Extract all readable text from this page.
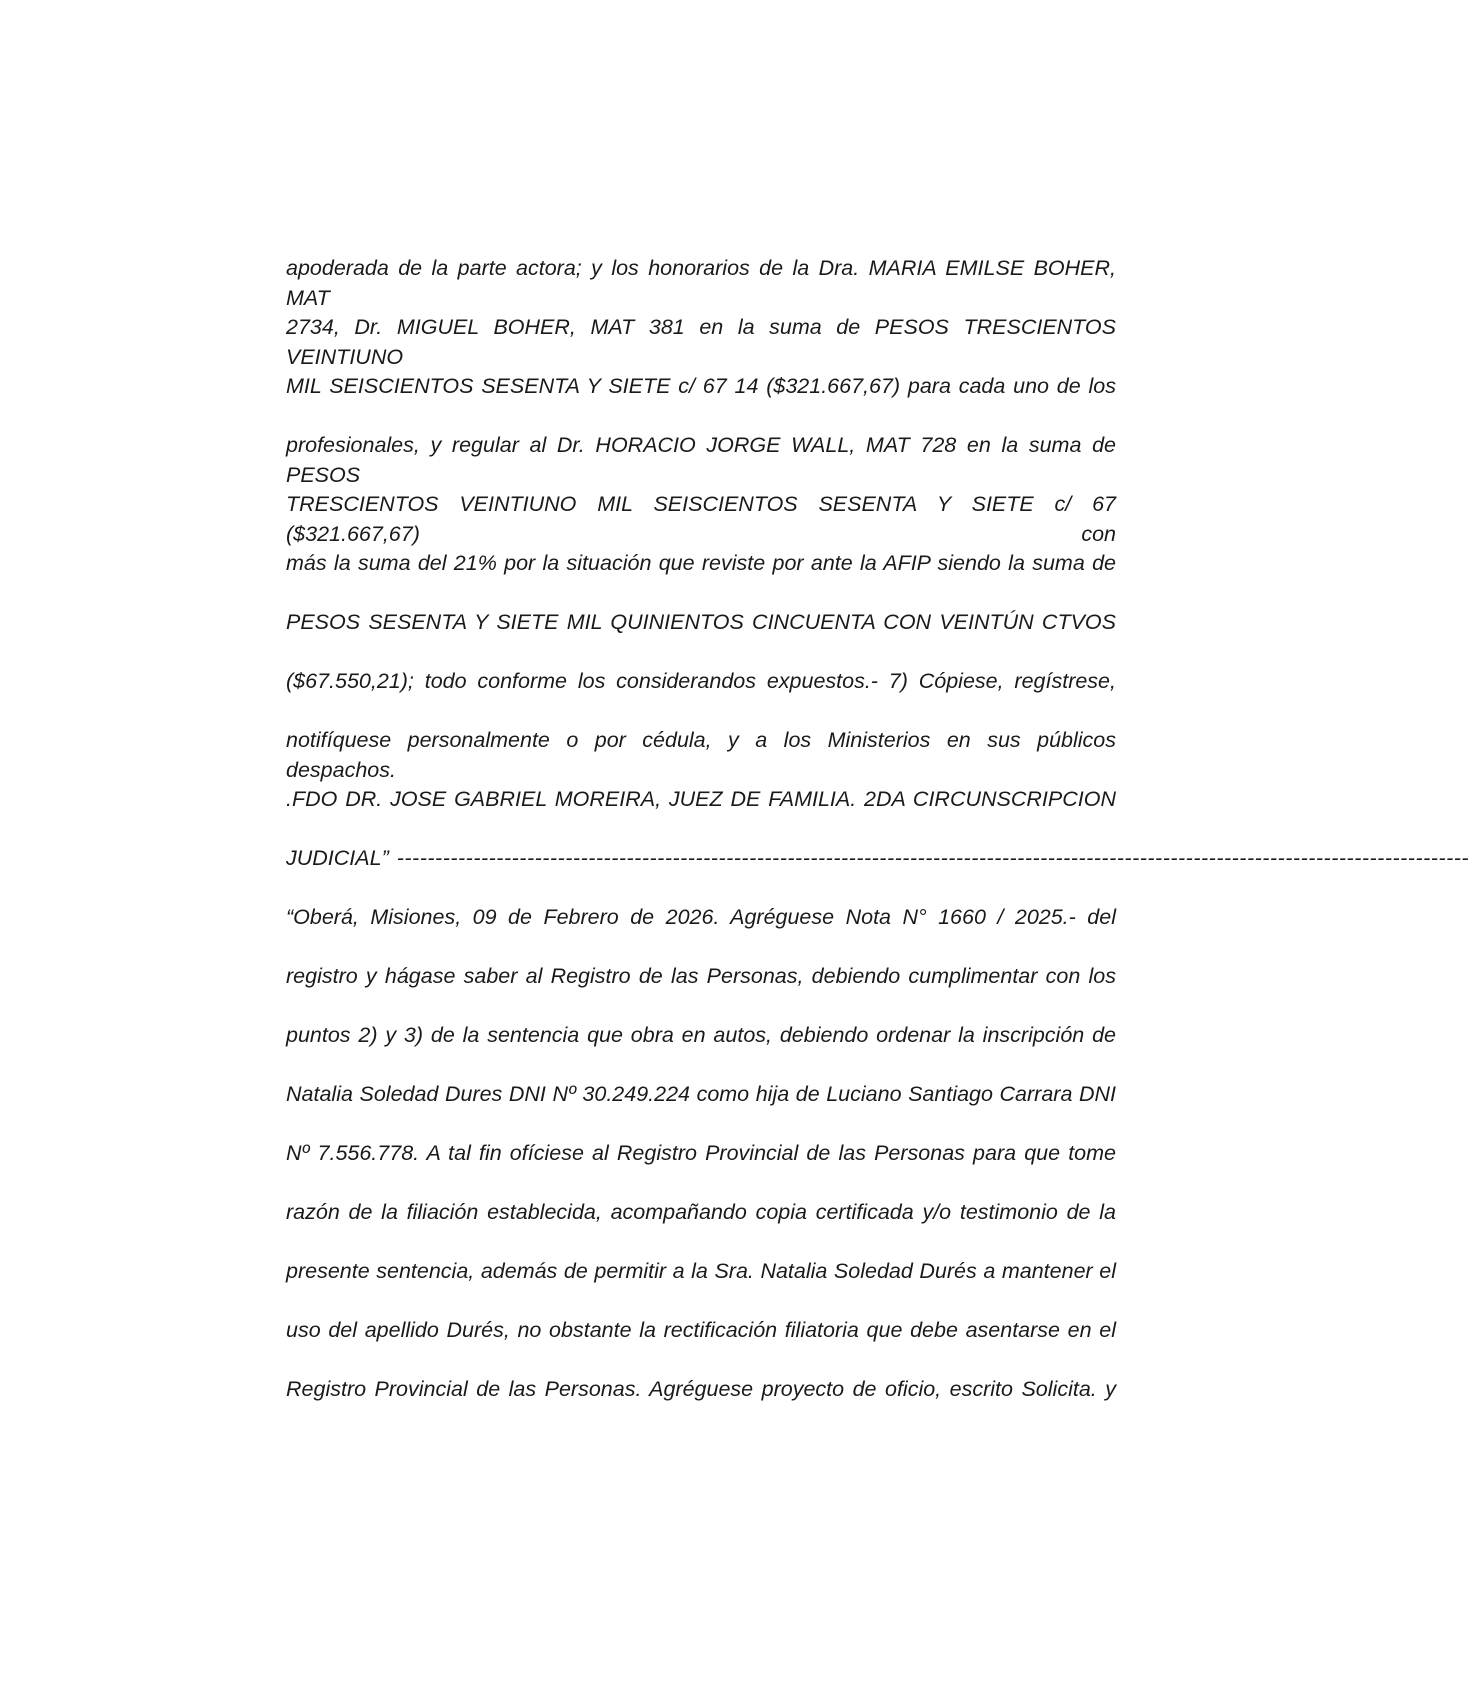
apoderada de la parte actora; y los honorarios de la Dra. MARIA EMILSE BOHER, MAT
2734, Dr. MIGUEL BOHER, MAT 381 en la suma de PESOS TRESCIENTOS VEINTIUNO
MIL SEISCIENTOS SESENTA Y SIETE c/ 67 14 ($321.667,67) para cada uno de los
profesionales, y regular al Dr. HORACIO JORGE WALL, MAT 728 en la suma de PESOS
TRESCIENTOS VEINTIUNO MIL SEISCIENTOS SESENTA Y SIETE c/ 67 ($321.667,67) con
más la suma del 21% por la situación que reviste por ante la AFIP siendo la suma de
PESOS SESENTA Y SIETE MIL QUINIENTOS CINCUENTA CON VEINTÚN CTVOS
($67.550,21); todo conforme los considerandos expuestos.- 7) Cópiese, regístrese,
notifíquese personalmente o por cédula, y a los Ministerios en sus públicos despachos.
.FDO DR. JOSE GABRIEL MOREIRA, JUEZ DE FAMILIA. 2DA CIRCUNSCRIPCION
JUDICIAL” --------------------------------------------------------------------------------------------------------------------------------------------
“Oberá, Misiones, 09 de Febrero de 2026. Agréguese Nota N° 1660 / 2025.- del
registro y hágase saber al Registro de las Personas, debiendo cumplimentar con los
puntos 2) y 3) de la sentencia que obra en autos, debiendo ordenar la inscripción de
Natalia Soledad Dures DNI Nº 30.249.224 como hija de Luciano Santiago Carrara DNI
Nº 7.556.778. A tal fin ofíciese al Registro Provincial de las Personas para que tome
razón de la filiación establecida, acompañando copia certificada y/o testimonio de la
presente sentencia, además de permitir a la Sra. Natalia Soledad Durés a mantener el
uso del apellido Durés, no obstante la rectificación filiatoria que debe asentarse en el
Registro Provincial de las Personas. Agréguese proyecto de oficio, escrito Solicita. y
